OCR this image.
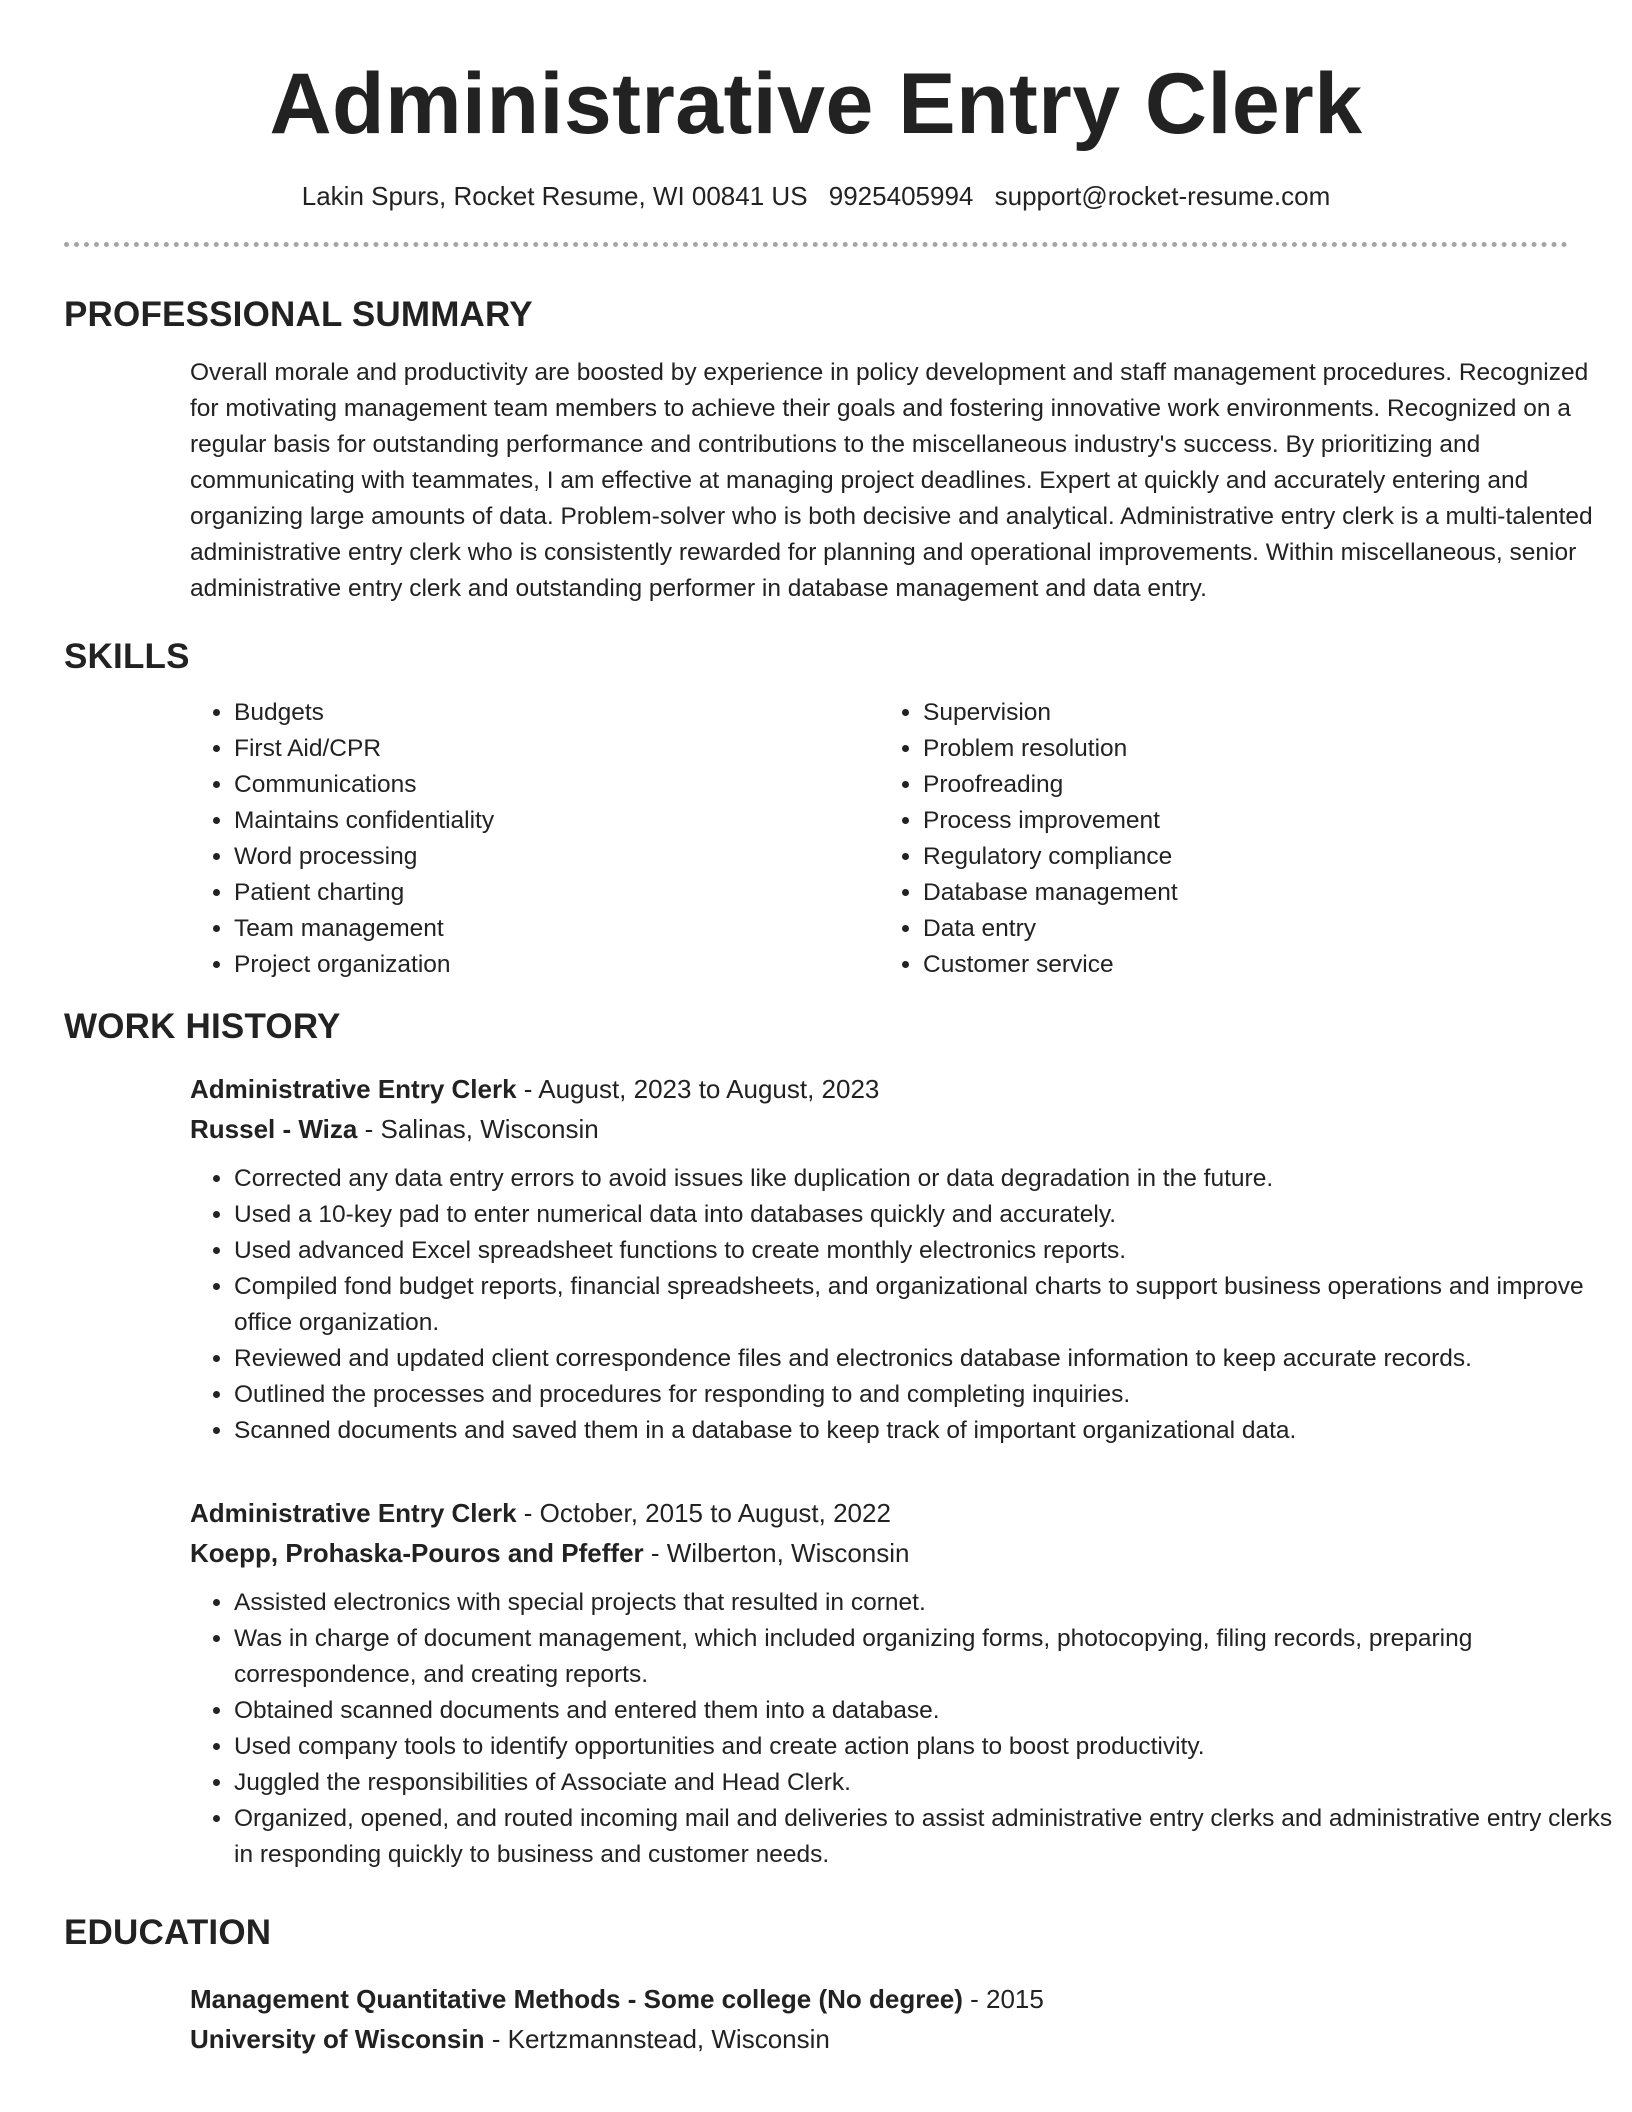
Administrative Entry Clerk
Lakin Spurs, Rocket Resume, WI 00841 US 9925405994 support@rocket-resume.com
PROFESSIONAL SUMMARY
Overall morale and productivity are boosted by experience in policy development and staff management procedures. Recognized for motivating management team members to achieve their goals and fostering innovative work environments. Recognized on a regular basis for outstanding performance and contributions to the miscellaneous industry's success. By prioritizing and communicating with teammates, I am effective at managing project deadlines. Expert at quickly and accurately entering and organizing large amounts of data. Problem-solver who is both decisive and analytical. Administrative entry clerk is a multi-talented administrative entry clerk who is consistently rewarded for planning and operational improvements. Within miscellaneous, senior administrative entry clerk and outstanding performer in database management and data entry.
SKILLS
• Budgets
• First Aid/CPR
• Communications
• Maintains confidentiality
• Word processing
• Patient charting
• Team management
• Project organization
• Supervision
• Problem resolution
• Proofreading
• Process improvement
• Regulatory compliance
• Database management
• Data entry
• Customer service
WORK HISTORY
Administrative Entry Clerk - August, 2023 to August, 2023
Russel - Wiza - Salinas, Wisconsin
• Corrected any data entry errors to avoid issues like duplication or data degradation in the future.
• Used a 10-key pad to enter numerical data into databases quickly and accurately.
• Used advanced Excel spreadsheet functions to create monthly electronics reports.
• Compiled fond budget reports, financial spreadsheets, and organizational charts to support business operations and improve office organization.
• Reviewed and updated client correspondence files and electronics database information to keep accurate records.
• Outlined the processes and procedures for responding to and completing inquiries.
• Scanned documents and saved them in a database to keep track of important organizational data.
Administrative Entry Clerk - October, 2015 to August, 2022
Koepp, Prohaska-Pouros and Pfeffer - Wilberton, Wisconsin
• Assisted electronics with special projects that resulted in cornet.
• Was in charge of document management, which included organizing forms, photocopying, filing records, preparing correspondence, and creating reports.
• Obtained scanned documents and entered them into a database.
• Used company tools to identify opportunities and create action plans to boost productivity.
• Juggled the responsibilities of Associate and Head Clerk.
• Organized, opened, and routed incoming mail and deliveries to assist administrative entry clerks and administrative entry clerks in responding quickly to business and customer needs.
EDUCATION
Management Quantitative Methods - Some college (No degree) - 2015
University of Wisconsin - Kertzmannstead, Wisconsin
